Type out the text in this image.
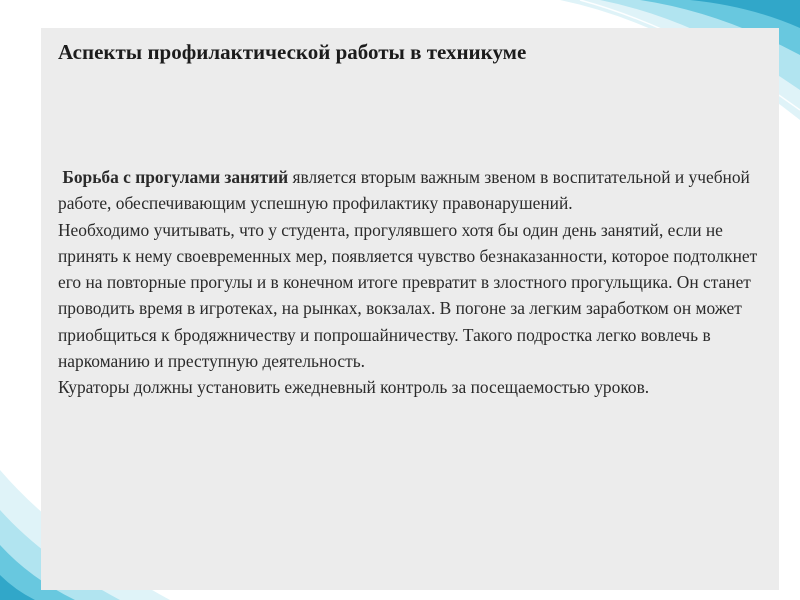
Аспекты профилактической работы в техникуме

Борьба с прогулами занятий является вторым важным звеном в воспитательной и учебной работе, обеспечивающим успешную профилактику правонарушений.

Необходимо учитывать, что у студента, прогулявшего хотя бы один день занятий, если не принять к нему своевременных мер, появляется чувство безнаказанности, которое подтолкнет его на повторные прогулы и в конечном итоге превратит в злостного прогульщика. Он станет проводить время в игротеках, на рынках, вокзалах. В погоне за легким заработком он может приобщиться к бродяжничеству и попрошайничеству. Такого подростка легко вовлечь в наркоманию и преступную деятельность.

Кураторы должны установить ежедневный контроль за посещаемостью уроков.
